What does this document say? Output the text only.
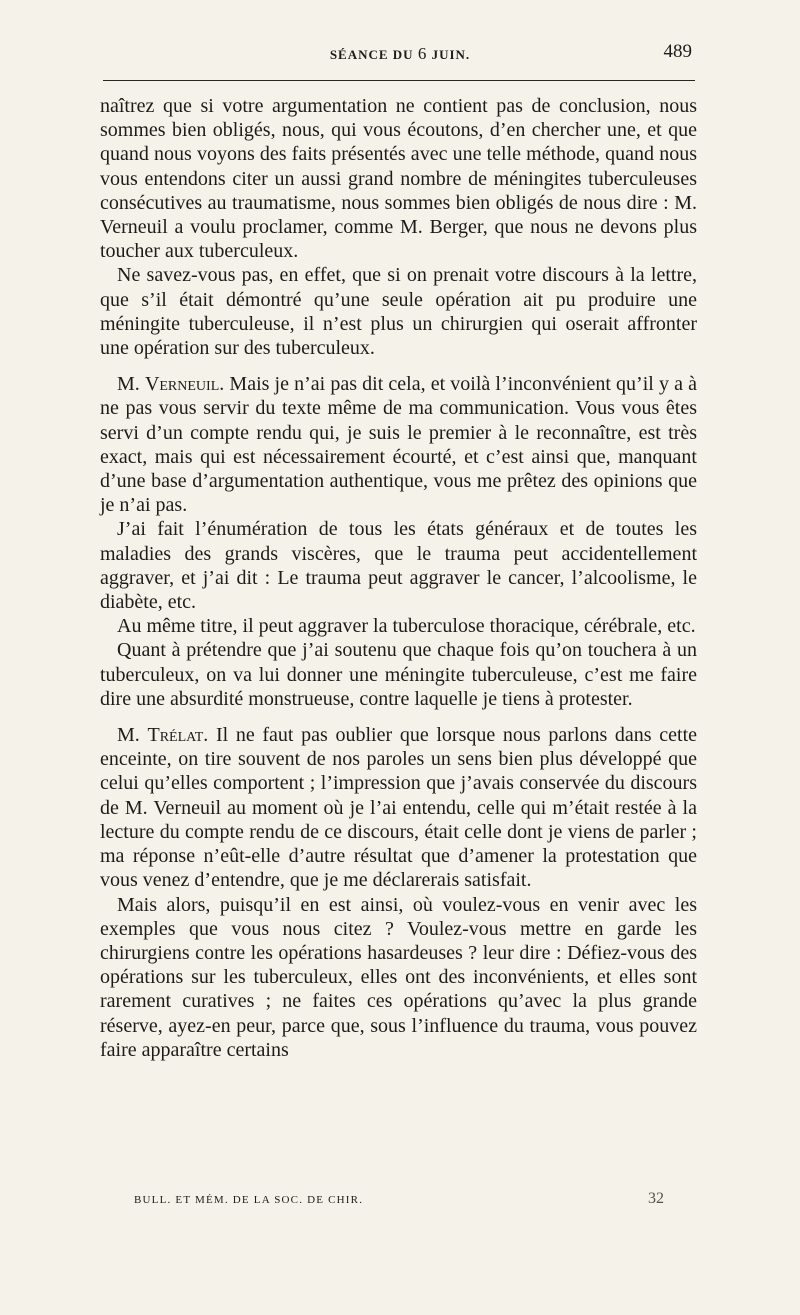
SÉANCE DU 6 JUIN.	489

naîtrez que si votre argumentation ne contient pas de conclusion, nous sommes bien obligés, nous, qui vous écoutons, d’en chercher une, et que quand nous voyons des faits présentés avec une telle méthode, quand nous vous entendons citer un aussi grand nombre de méningites tuberculeuses consécutives au traumatisme, nous sommes bien obligés de nous dire : M. Verneuil a voulu proclamer, comme M. Berger, que nous ne devons plus toucher aux tuberculeux.

Ne savez-vous pas, en effet, que si on prenait votre discours à la lettre, que s’il était démontré qu’une seule opération ait pu produire une méningite tuberculeuse, il n’est plus un chirurgien qui oserait affronter une opération sur des tuberculeux.

M. Verneuil. Mais je n’ai pas dit cela, et voilà l’inconvénient qu’il y a à ne pas vous servir du texte même de ma communication. Vous vous êtes servi d’un compte rendu qui, je suis le premier à le reconnaître, est très exact, mais qui est nécessairement écourté, et c’est ainsi que, manquant d’une base d’argumentation authentique, vous me prêtez des opinions que je n’ai pas.

J’ai fait l’énumération de tous les états généraux et de toutes les maladies des grands viscères, que le trauma peut accidentellement aggraver, et j’ai dit : Le trauma peut aggraver le cancer, l’alcoolisme, le diabète, etc.

Au même titre, il peut aggraver la tuberculose thoracique, cérébrale, etc.

Quant à prétendre que j’ai soutenu que chaque fois qu’on touchera à un tuberculeux, on va lui donner une méningite tuberculeuse, c’est me faire dire une absurdité monstrueuse, contre laquelle je tiens à protester.

M. Trélat. Il ne faut pas oublier que lorsque nous parlons dans cette enceinte, on tire souvent de nos paroles un sens bien plus développé que celui qu’elles comportent ; l’impression que j’avais conservée du discours de M. Verneuil au moment où je l’ai entendu, celle qui m’était restée à la lecture du compte rendu de ce discours, était celle dont je viens de parler ; ma réponse n’eût-elle d’autre résultat que d’amener la protestation que vous venez d’entendre, que je me déclarerais satisfait.

Mais alors, puisqu’il en est ainsi, où voulez-vous en venir avec les exemples que vous nous citez ? Voulez-vous mettre en garde les chirurgiens contre les opérations hasardeuses ? leur dire : Défiez-vous des opérations sur les tuberculeux, elles ont des inconvénients, et elles sont rarement curatives ; ne faites ces opérations qu’avec la plus grande réserve, ayez-en peur, parce que, sous l’influence du trauma, vous pouvez faire apparaître certains

BULL. ET MÉM. DE LA SOC. DE CHIR.	32
